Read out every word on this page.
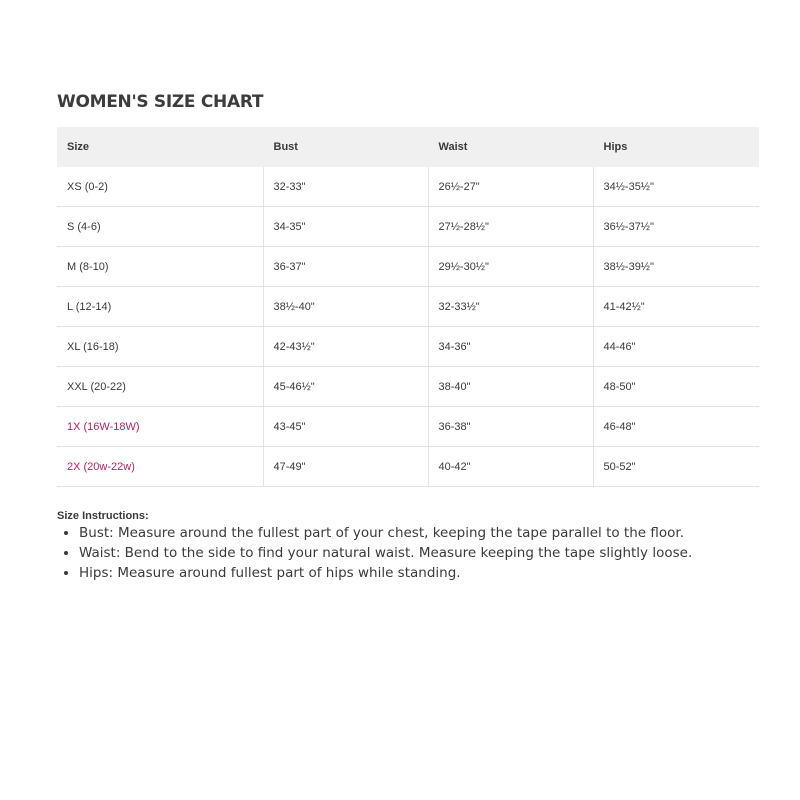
WOMEN'S SIZE CHART
Size	Bust	Waist	Hips
XS (0-2)	32-33"	26½-27"	34½-35½"
S (4-6)	34-35"	27½-28½"	36½-37½"
M (8-10)	36-37"	29½-30½"	38½-39½"
L (12-14)	38½-40"	32-33½"	41-42½"
XL (16-18)	42-43½"	34-36"	44-46"
XXL (20-22)	45-46½"	38-40"	48-50"
1X (16W-18W)	43-45"	36-38"	46-48"
2X (20w-22w)	47-49"	40-42"	50-52"

Size Instructions:

• Bust: Measure around the fullest part of your chest, keeping the tape parallel to the floor.
• Waist: Bend to the side to find your natural waist. Measure keeping the tape slightly loose.
• Hips: Measure around fullest part of hips while standing.
